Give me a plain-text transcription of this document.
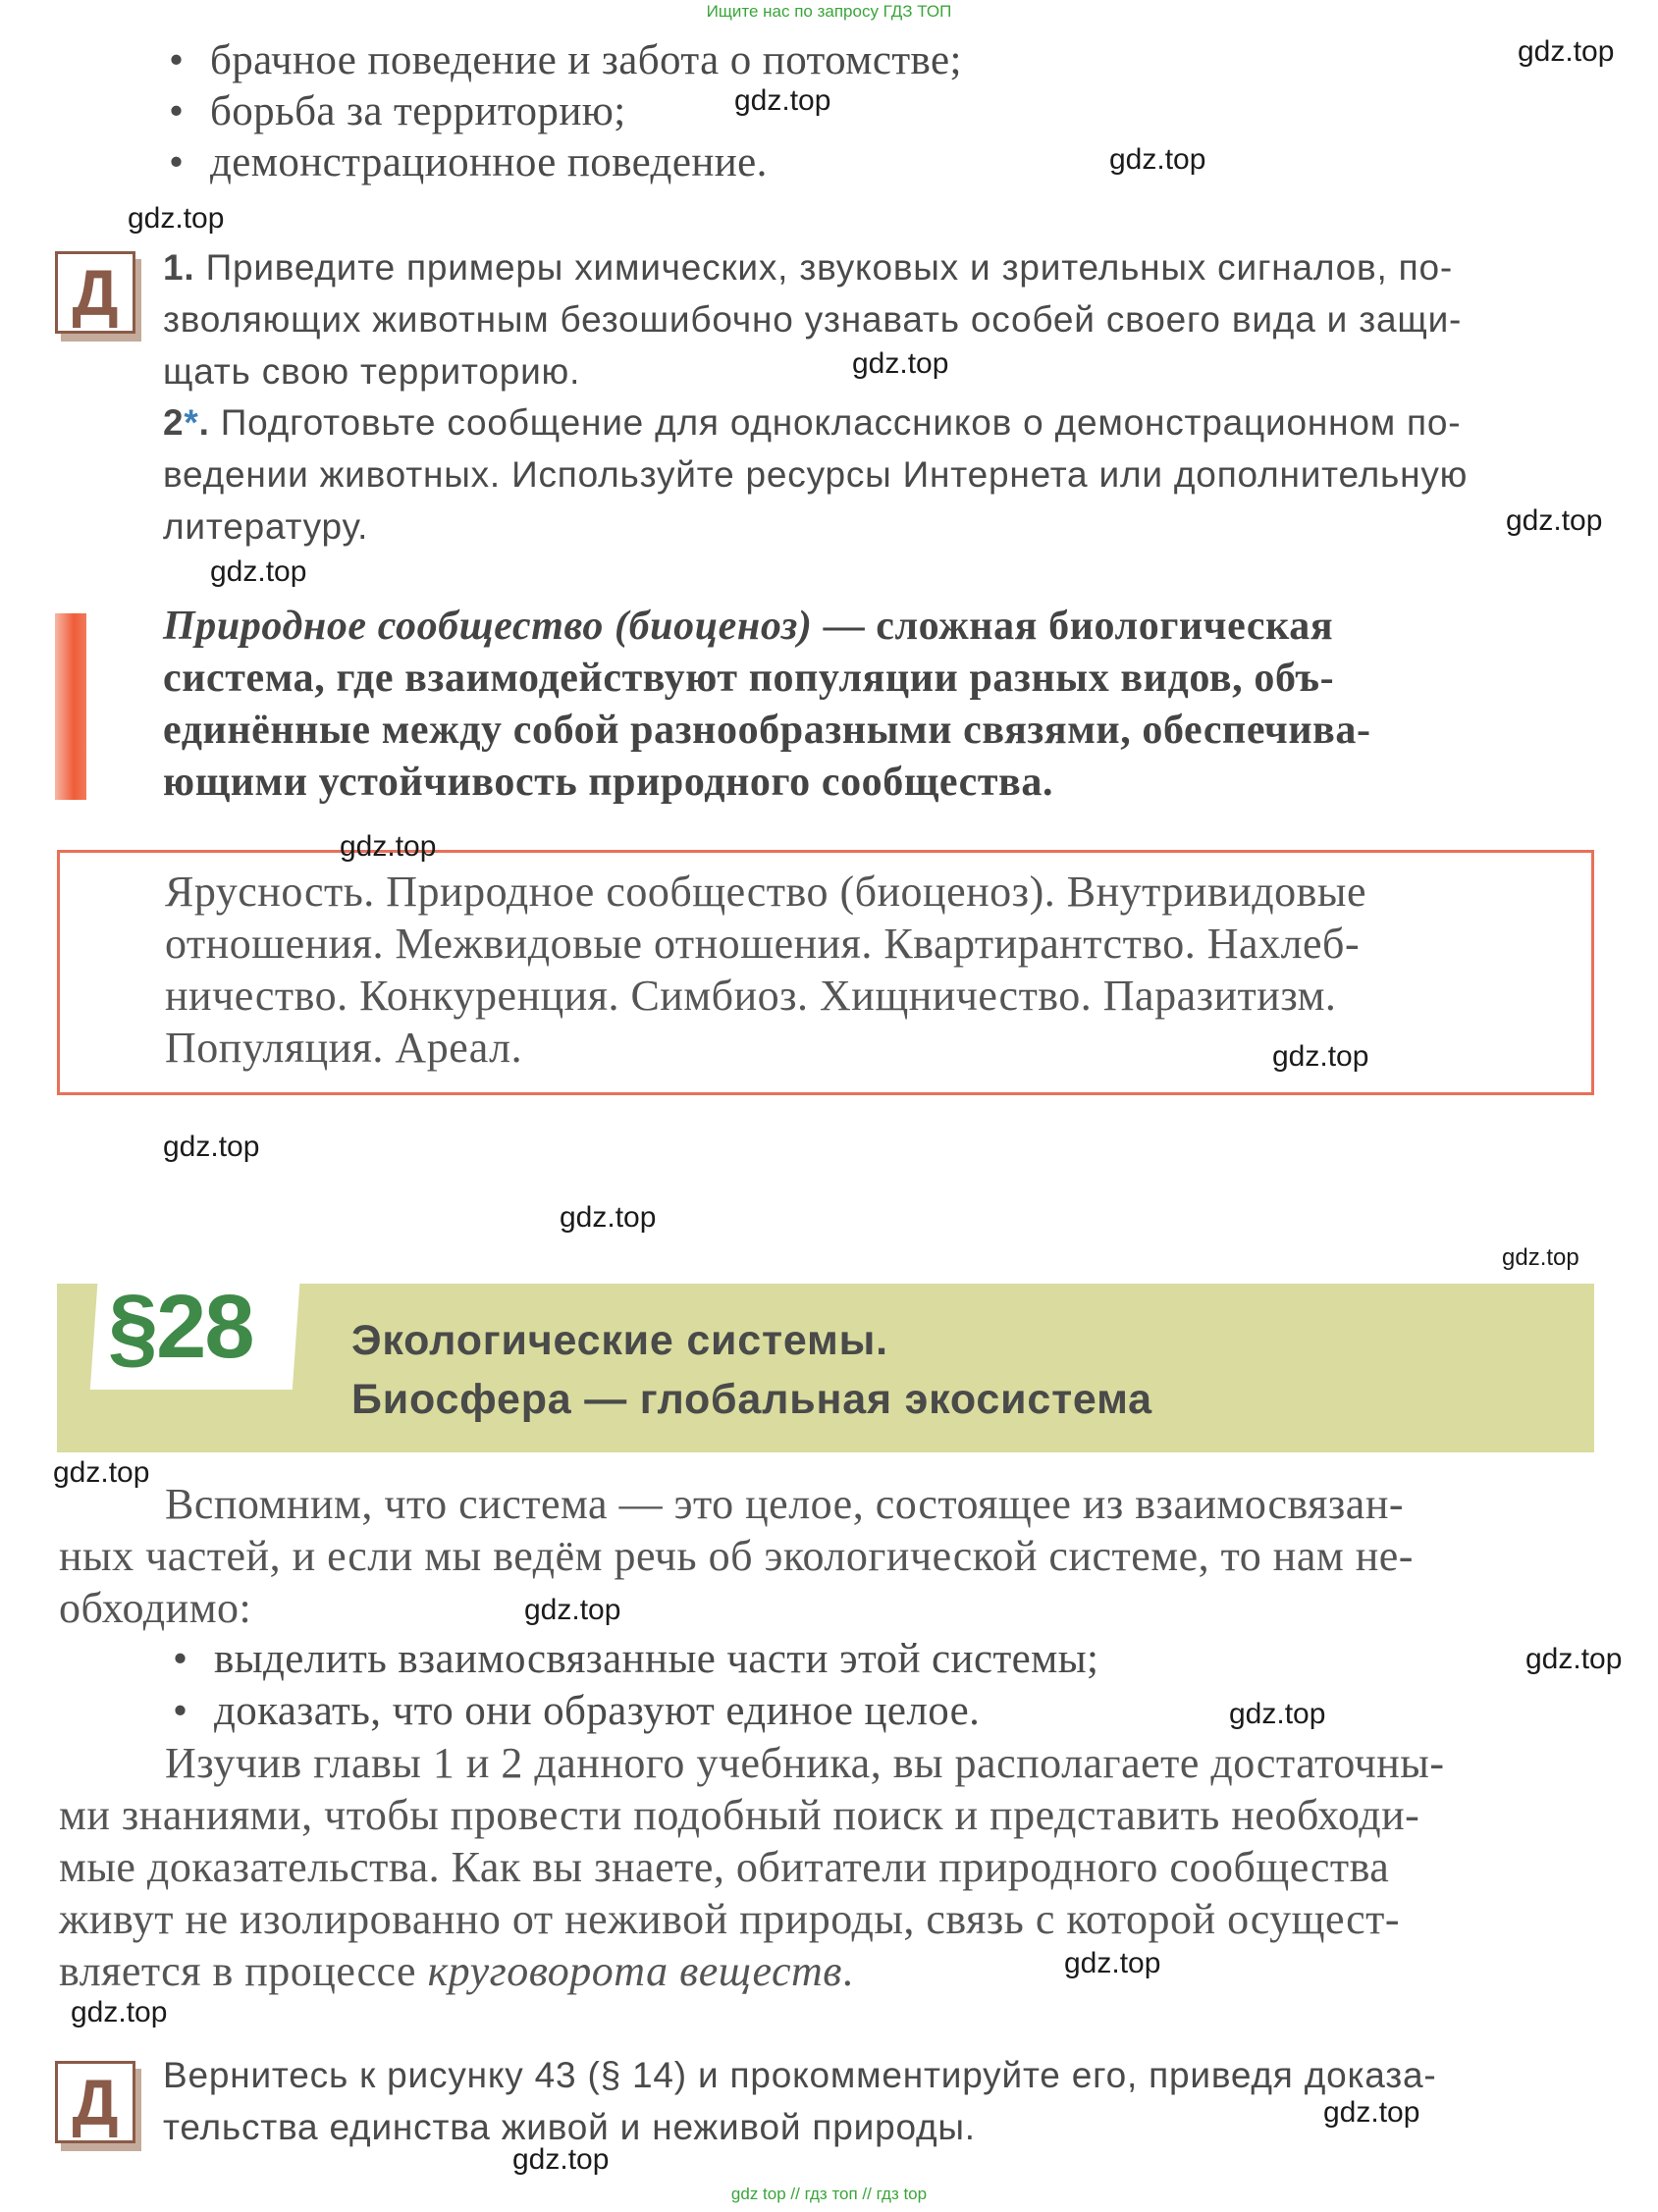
Ищите нас по запросу ГДЗ ТОП
gdz top // гдз топ // гдз top
• брачное поведение и забота о потомстве;
• борьба за территорию;
• демонстрационное поведение.
Д	1. Приведите примеры химических, звуковых и зрительных сигналов, по-
зволяющих животным безошибочно узнавать особей своего вида и защи-
щать свою территорию.
2*. Подготовьте сообщение для одноклассников о демонстрационном по-
ведении животных. Используйте ресурсы Интернета или дополнительную
литературу.
Природное сообщество (биоценоз) — сложная биологическая
система, где взаимодействуют популяции разных видов, объ-
единённые между собой разнообразными связями, обеспечива-
ющими устойчивость природного сообщества.
Ярусность. Природное сообщество (биоценоз). Внутривидовые
отношения. Межвидовые отношения. Квартирантство. Нахлеб-
ничество. Конкуренция. Симбиоз. Хищничество. Паразитизм.
Популяция. Ареал.
§28 Экологические системы.
Биосфера — глобальная экосистема
Вспомним, что система — это целое, состоящее из взаимосвязан-
ных частей, и если мы ведём речь об экологической системе, то нам не-
обходимо:
• выделить взаимосвязанные части этой системы;
• доказать, что они образуют единое целое.
Изучив главы 1 и 2 данного учебника, вы располагаете достаточны-
ми знаниями, чтобы провести подобный поиск и представить необходи-
мые доказательства. Как вы знаете, обитатели природного сообщества
живут не изолированно от неживой природы, связь с которой осущест-
вляется в процессе круговорота веществ.
Д	Вернитесь к рисунку 43 (§ 14) и прокомментируйте его, приведя доказа-
тельства единства живой и неживой природы.
gdz.top
gdz.top
gdz.top
gdz.top
gdz.top
gdz.top
gdz.top
gdz.top
gdz.top
gdz.top
gdz.top
gdz.top
gdz.top
gdz.top
gdz.top
gdz.top
gdz.top
gdz.top
gdz.top
gdz.top
